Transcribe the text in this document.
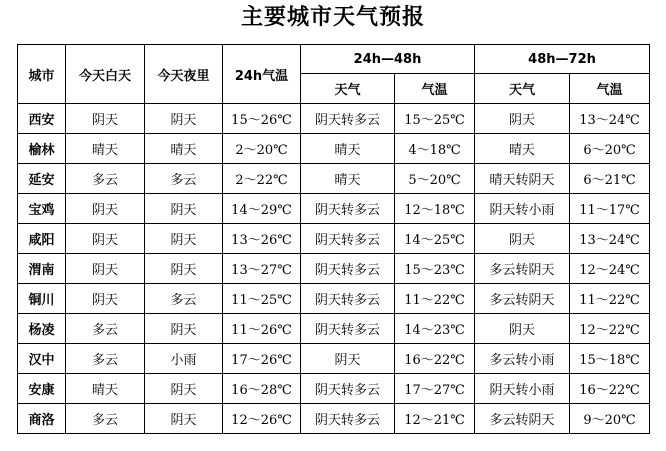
主要城市天气预报
城市	今天白天	今天夜里	24h气温	24h—48h		48h—72h	
				天气	气温	天气	气温
西安	阴天	阴天	15～26℃	阴天转多云	15～25℃	阴天	13～24℃
榆林	晴天	晴天	2～20℃	晴天	4～18℃	晴天	6～20℃
延安	多云	多云	2～22℃	晴天	5～20℃	晴天转阴天	6～21℃
宝鸡	阴天	阴天	14～29℃	阴天转多云	12～18℃	阴天转小雨	11～17℃
咸阳	阴天	阴天	13～26℃	阴天转多云	14～25℃	阴天	13～24℃
渭南	阴天	阴天	13～27℃	阴天转多云	15～23℃	多云转阴天	12～24℃
铜川	阴天	多云	11～25℃	阴天转多云	11～22℃	多云转阴天	11～22℃
杨凌	多云	阴天	11～26℃	阴天转多云	14～23℃	阴天	12～22℃
汉中	多云	小雨	17～26℃	阴天	16～22℃	多云转小雨	15～18℃
安康	晴天	阴天	16～28℃	阴天转多云	17～27℃	阴天转小雨	16～22℃
商洛	多云	阴天	12～26℃	阴天转多云	12～21℃	多云转阴天	9～20℃
